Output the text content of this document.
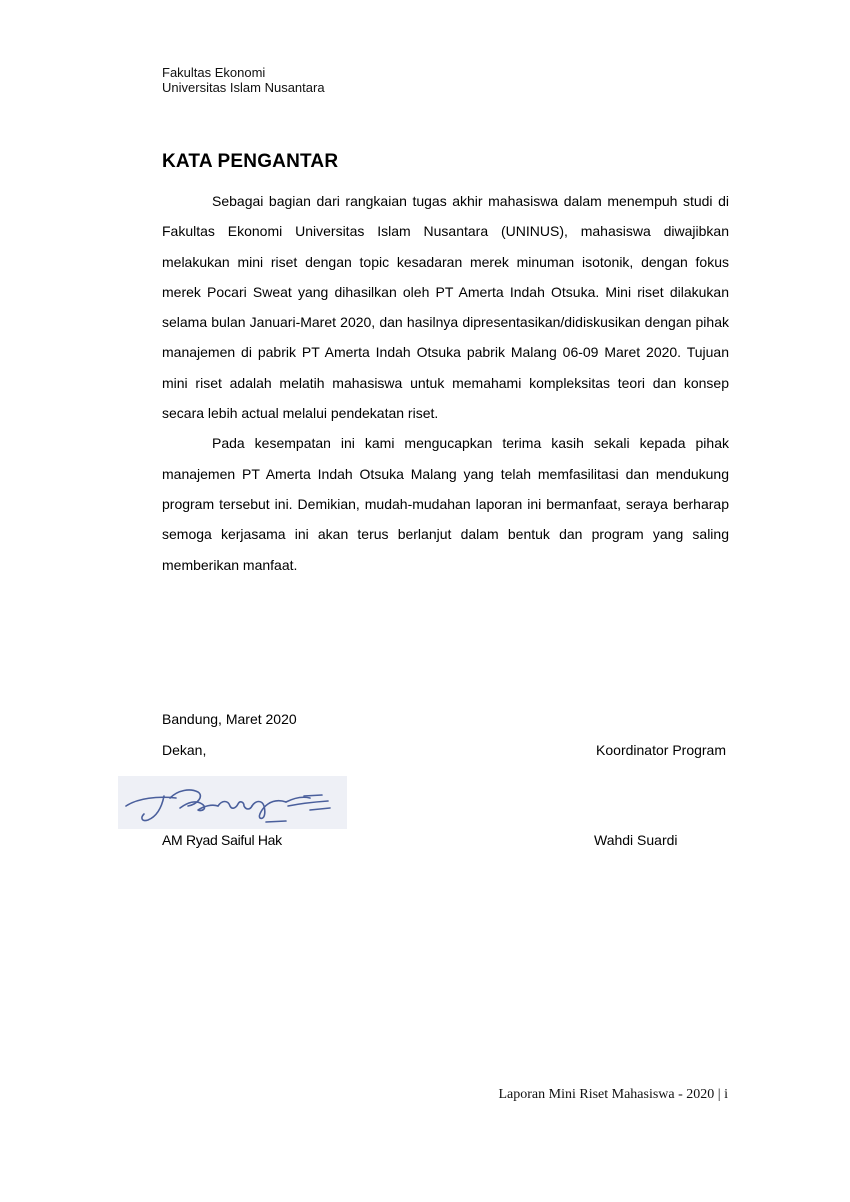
Fakultas Ekonomi
Universitas Islam Nusantara
KATA PENGANTAR

Sebagai bagian dari rangkaian tugas akhir mahasiswa dalam menempuh studi di Fakultas Ekonomi Universitas Islam Nusantara (UNINUS), mahasiswa diwajibkan melakukan mini riset dengan topic kesadaran merek minuman isotonik, dengan fokus merek Pocari Sweat yang dihasilkan oleh PT Amerta Indah Otsuka. Mini riset dilakukan selama bulan Januari-Maret 2020, dan hasilnya dipresentasikan/didiskusikan dengan pihak manajemen di pabrik PT Amerta Indah Otsuka pabrik Malang 06-09 Maret 2020. Tujuan mini riset adalah melatih mahasiswa untuk memahami kompleksitas teori dan konsep secara lebih actual melalui pendekatan riset.

Pada kesempatan ini kami mengucapkan terima kasih sekali kepada pihak manajemen PT Amerta Indah Otsuka Malang yang telah memfasilitasi dan mendukung program tersebut ini. Demikian, mudah-mudahan laporan ini bermanfaat, seraya berharap semoga kerjasama ini akan terus berlanjut dalam bentuk dan program yang saling memberikan manfaat.

Bandung, Maret 2020
Dekan,	Koordinator Program
AM Ryad Saiful Hak	Wahdi Suardi
Laporan Mini Riset Mahasiswa - 2020 | i
